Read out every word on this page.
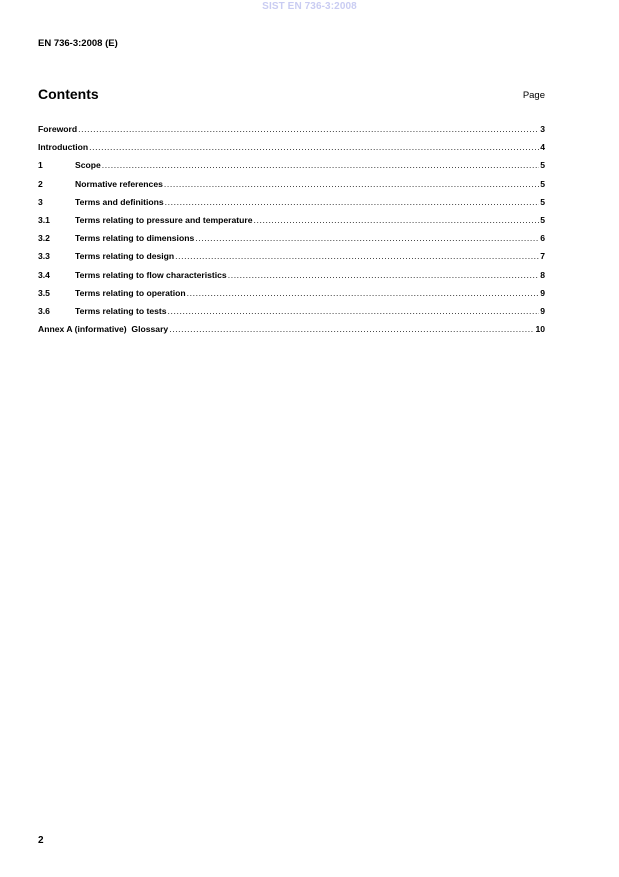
SIST EN 736-3:2008
EN 736-3:2008 (E)
Contents	Page
Foreword .....	3
Introduction .....	4
1	Scope .....	5
2	Normative references .....	5
3	Terms and definitions .....	5
3.1	Terms relating to pressure and temperature .....	5
3.2	Terms relating to dimensions .....	6
3.3	Terms relating to design .....	7
3.4	Terms relating to flow characteristics .....	8
3.5	Terms relating to operation .....	9
3.6	Terms relating to tests .....	9
Annex A (informative)  Glossary .....	10
2
